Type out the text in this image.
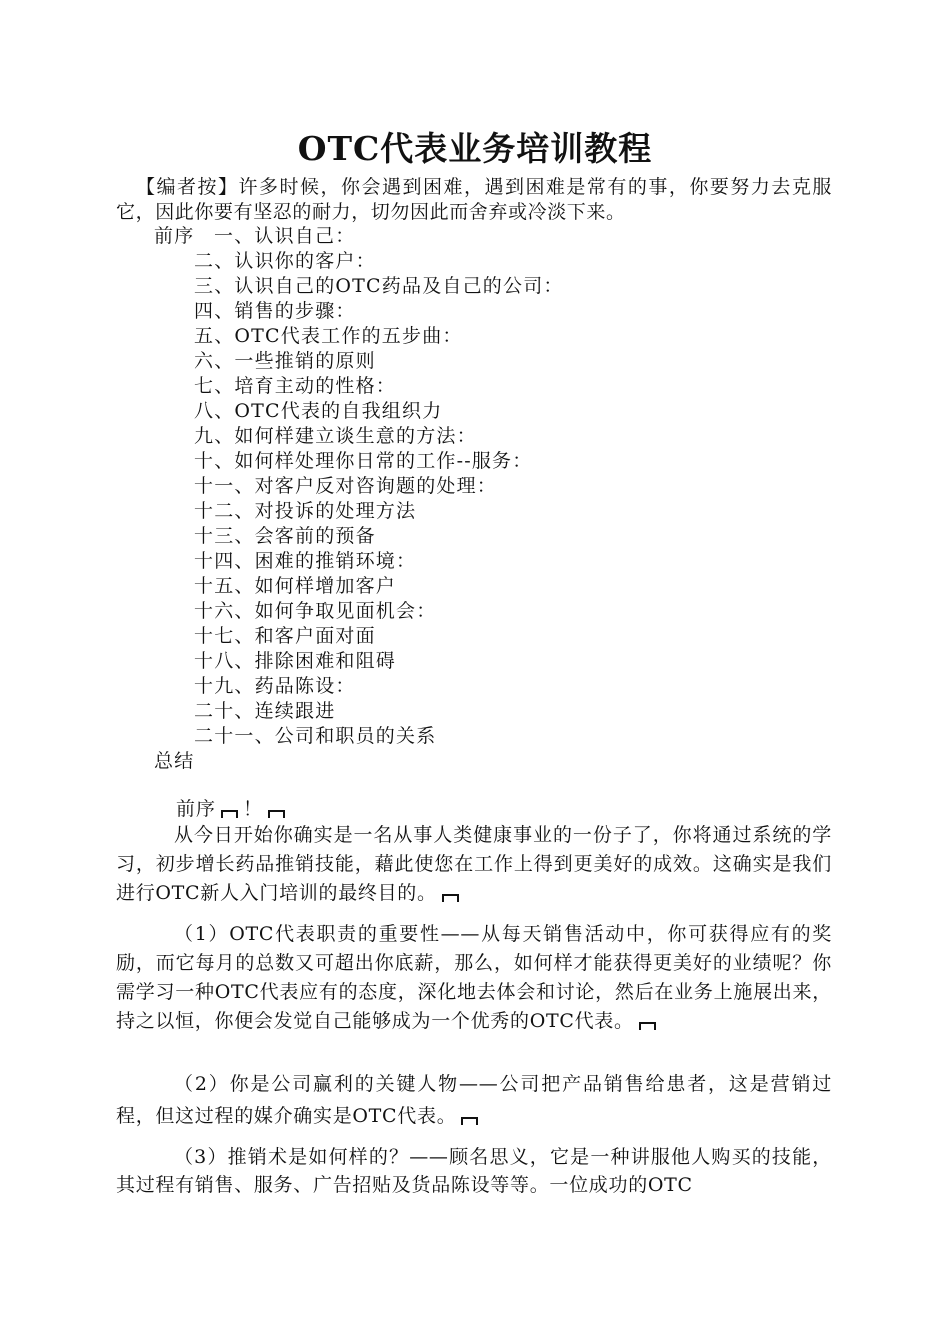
OTC代表业务培训教程
【编者按】许多时候，你会遇到困难，遇到困难是常有的事，你要努力去克服它，因此你要有坚忍的耐力，切勿因此而舍弃或冷淡下来。
前序 一、认识自己：
二、认识你的客户：
三、认识自己的OTC药品及自己的公司：
四、销售的步骤：
五、OTC代表工作的五步曲：
六、一些推销的原则
七、培育主动的性格：
八、OTC代表的自我组织力
九、如何样建立谈生意的方法：
十、如何样处理你日常的工作--服务：
十一、对客户反对咨询题的处理：
十二、对投诉的处理方法
十三、会客前的预备
十四、困难的推销环境：
十五、如何样增加客户
十六、如何争取见面机会：
十七、和客户面对面
十八、排除困难和阻碍
十九、药品陈设：
二十、连续跟进
二十一、公司和职员的关系
总结
前序 ！
从今日开始你确实是一名从事人类健康事业的一份子了，你将通过系统的学习，初步增长药品推销技能，藉此使您在工作上得到更美好的成效。这确实是我们进行OTC新人入门培训的最终目的。
（1）OTC代表职责的重要性——从每天销售活动中，你可获得应有的奖励，而它每月的总数又可超出你底薪，那么，如何样才能获得更美好的业绩呢？你需学习一种OTC代表应有的态度，深化地去体会和讨论，然后在业务上施展出来，持之以恒，你便会发觉自己能够成为一个优秀的OTC代表。
（2）你是公司赢利的关键人物——公司把产品销售给患者，这是营销过程，但这过程的媒介确实是OTC代表。
（3）推销术是如何样的？——顾名思义，它是一种讲服他人购买的技能，其过程有销售、服务、广告招贴及货品陈设等等。一位成功的OTC
